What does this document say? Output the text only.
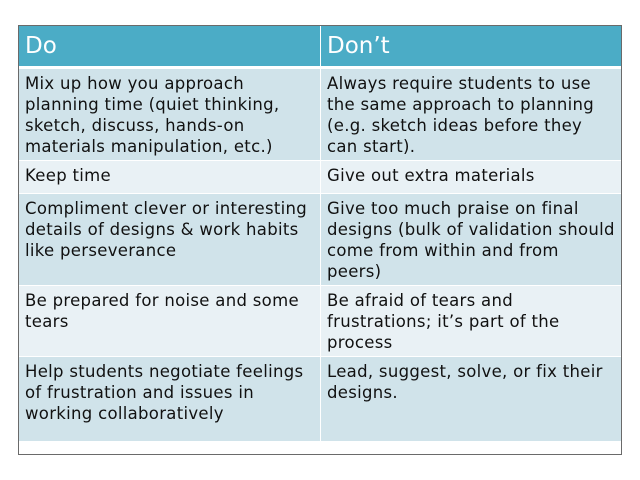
Do	Don’t
Mix up how you approach planning time (quiet thinking, sketch, discuss, hands-on materials manipulation, etc.)	Always require students to use the same approach to planning (e.g. sketch ideas before they can start).
Keep time	Give out extra materials
Compliment clever or interesting details of designs & work habits like perseverance	Give too much praise on final designs (bulk of validation should come from within and from peers)
Be prepared for noise and some tears	Be afraid of tears and frustrations; it’s part of the process
Help students negotiate feelings of frustration and issues in working collaboratively	Lead, suggest, solve, or fix their designs.
